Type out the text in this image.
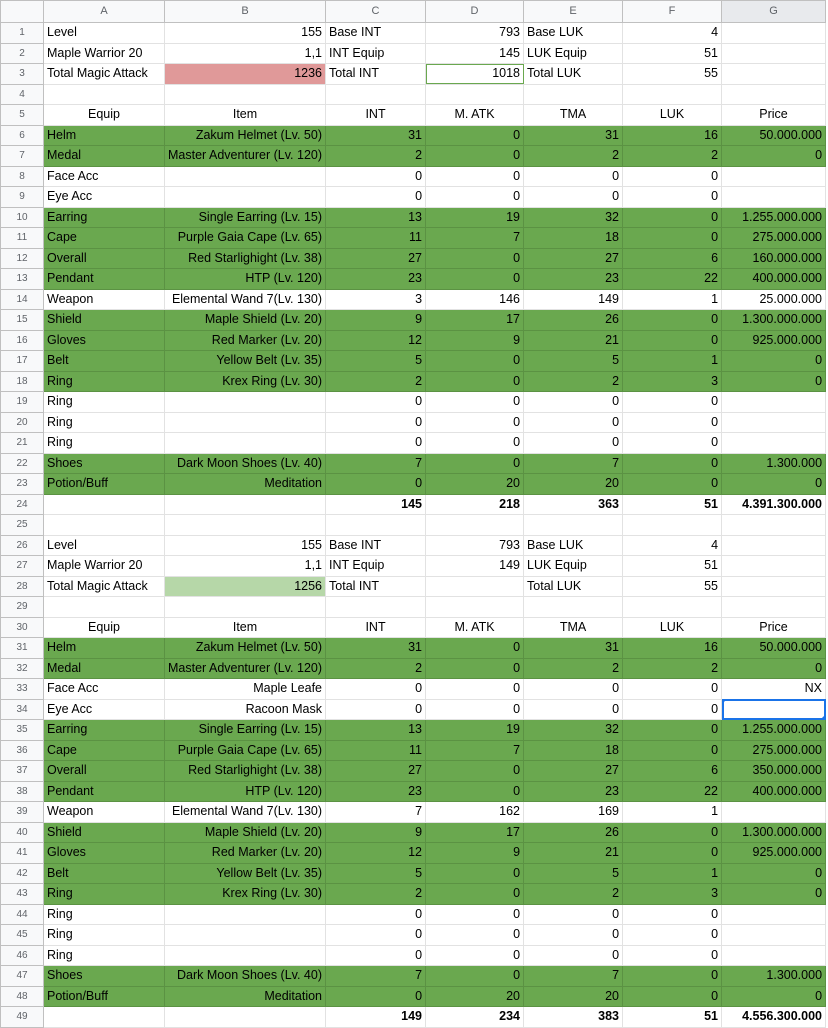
	A	B	C	D	E	F	G
1	Level	155	Base INT	793	Base LUK	4	
2	Maple Warrior 20	1,1	INT Equip	145	LUK Equip	51	
3	Total Magic Attack	1236	Total INT	1018	Total LUK	55	
4							
5	Equip	Item	INT	M. ATK	TMA	LUK	Price
6	Helm	Zakum Helmet (Lv. 50)	31	0	31	16	50.000.000
7	Medal	Master Adventurer (Lv. 120)	2	0	2	2	0
8	Face Acc		0	0	0	0	
9	Eye Acc		0	0	0	0	
10	Earring	Single Earring (Lv. 15)	13	19	32	0	1.255.000.000
11	Cape	Purple Gaia Cape (Lv. 65)	11	7	18	0	275.000.000
12	Overall	Red Starlighight (Lv. 38)	27	0	27	6	160.000.000
13	Pendant	HTP (Lv. 120)	23	0	23	22	400.000.000
14	Weapon	Elemental Wand 7(Lv. 130)	3	146	149	1	25.000.000
15	Shield	Maple Shield (Lv. 20)	9	17	26	0	1.300.000.000
16	Gloves	Red Marker (Lv. 20)	12	9	21	0	925.000.000
17	Belt	Yellow Belt (Lv. 35)	5	0	5	1	0
18	Ring	Krex Ring (Lv. 30)	2	0	2	3	0
19	Ring		0	0	0	0	
20	Ring		0	0	0	0	
21	Ring		0	0	0	0	
22	Shoes	Dark Moon Shoes (Lv. 40)	7	0	7	0	1.300.000
23	Potion/Buff	Meditation	0	20	20	0	0
24			145	218	363	51	4.391.300.000
25							
26	Level	155	Base INT	793	Base LUK	4	
27	Maple Warrior 20	1,1	INT Equip	149	LUK Equip	51	
28	Total Magic Attack	1256	Total INT		Total LUK	55	
29							
30	Equip	Item	INT	M. ATK	TMA	LUK	Price
31	Helm	Zakum Helmet (Lv. 50)	31	0	31	16	50.000.000
32	Medal	Master Adventurer (Lv. 120)	2	0	2	2	0
33	Face Acc	Maple Leafe	0	0	0	0	NX
34	Eye Acc	Racoon Mask	0	0	0	0	

35	Earring	Single Earring (Lv. 15)	13	19	32	0	1.255.000.000
36	Cape	Purple Gaia Cape (Lv. 65)	11	7	18	0	275.000.000
37	Overall	Red Starlighight (Lv. 38)	27	0	27	6	350.000.000
38	Pendant	HTP (Lv. 120)	23	0	23	22	400.000.000
39	Weapon	Elemental Wand 7(Lv. 130)	7	162	169	1	
40	Shield	Maple Shield (Lv. 20)	9	17	26	0	1.300.000.000
41	Gloves	Red Marker (Lv. 20)	12	9	21	0	925.000.000
42	Belt	Yellow Belt (Lv. 35)	5	0	5	1	0
43	Ring	Krex Ring (Lv. 30)	2	0	2	3	0
44	Ring		0	0	0	0	
45	Ring		0	0	0	0	
46	Ring		0	0	0	0	
47	Shoes	Dark Moon Shoes (Lv. 40)	7	0	7	0	1.300.000
48	Potion/Buff	Meditation	0	20	20	0	0
49			149	234	383	51	4.556.300.000
